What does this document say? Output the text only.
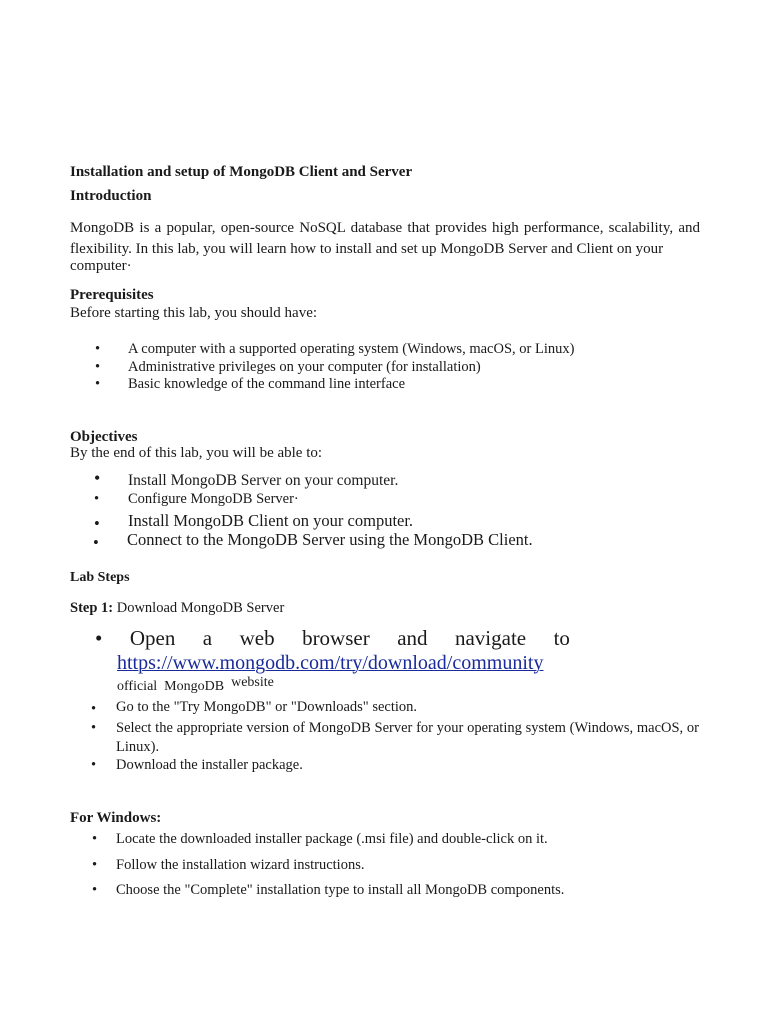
Installation and setup of MongoDB Client and Server

Introduction

MongoDB is a popular, open-source NoSQL database that provides high performance, scalability, and flexibility. In this lab, you will learn how to install and set up MongoDB Server and Client on your
computer·

Prerequisites

Before starting this lab, you should have:

• A computer with a supported operating system (Windows, macOS, or Linux)
• Administrative privileges on your computer (for installation)
• Basic knowledge of the command line interface

Objectives

By the end of this lab, you will be able to:

• Install MongoDB Server on your computer.
• Configure MongoDB Server·
• Install MongoDB Client on your computer.
• Connect to the MongoDB Server using the MongoDB Client.

Lab Steps

Step 1: Download MongoDB Server

• Open a web browser and navigate to
https://www.mongodb.com/try/download/community

official MongoDB website

• Go to the "Try MongoDB" or "Downloads" section.
• Select the appropriate version of MongoDB Server for your operating system (Windows, macOS, or Linux).
• Download the installer package.

For Windows:

• Locate the downloaded installer package (.msi file) and double-click on it.
• Follow the installation wizard instructions.
• Choose the "Complete" installation type to install all MongoDB components.
